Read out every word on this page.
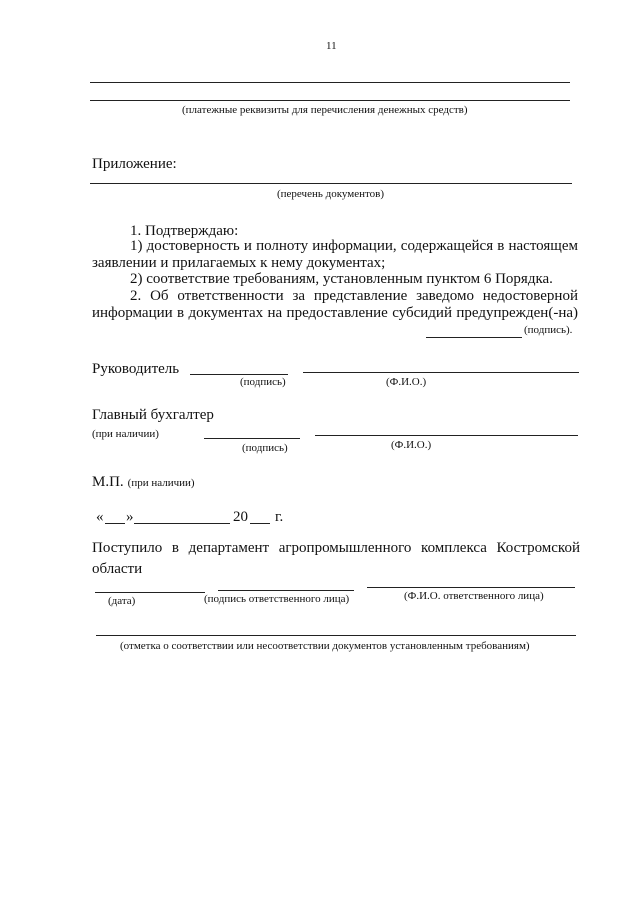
11
(платежные реквизиты для перечисления денежных средств)
Приложение:
(перечень документов)
1. Подтверждаю:
1) достоверность и полноту информации, содержащейся в настоящем
заявлении и прилагаемых к нему документах;
2) соответствие требованиям, установленным пунктом 6 Порядка.
2. Об ответственности за представление заведомо недостоверной
информации в документах на предоставление субсидий предупрежден(-на)
(подпись).
Руководитель
(подпись)	(Ф.И.О.)
Главный бухгалтер
(при наличии)
(подпись)	(Ф.И.О.)
М.П. (при наличии)
« »	20 г.
Поступило в департамент агропромышленного комплекса Костромской
области
(дата)	(подпись ответственного лица)	(Ф.И.О. ответственного лица)
(отметка о соответствии или несоответствии документов установленным требованиям)
